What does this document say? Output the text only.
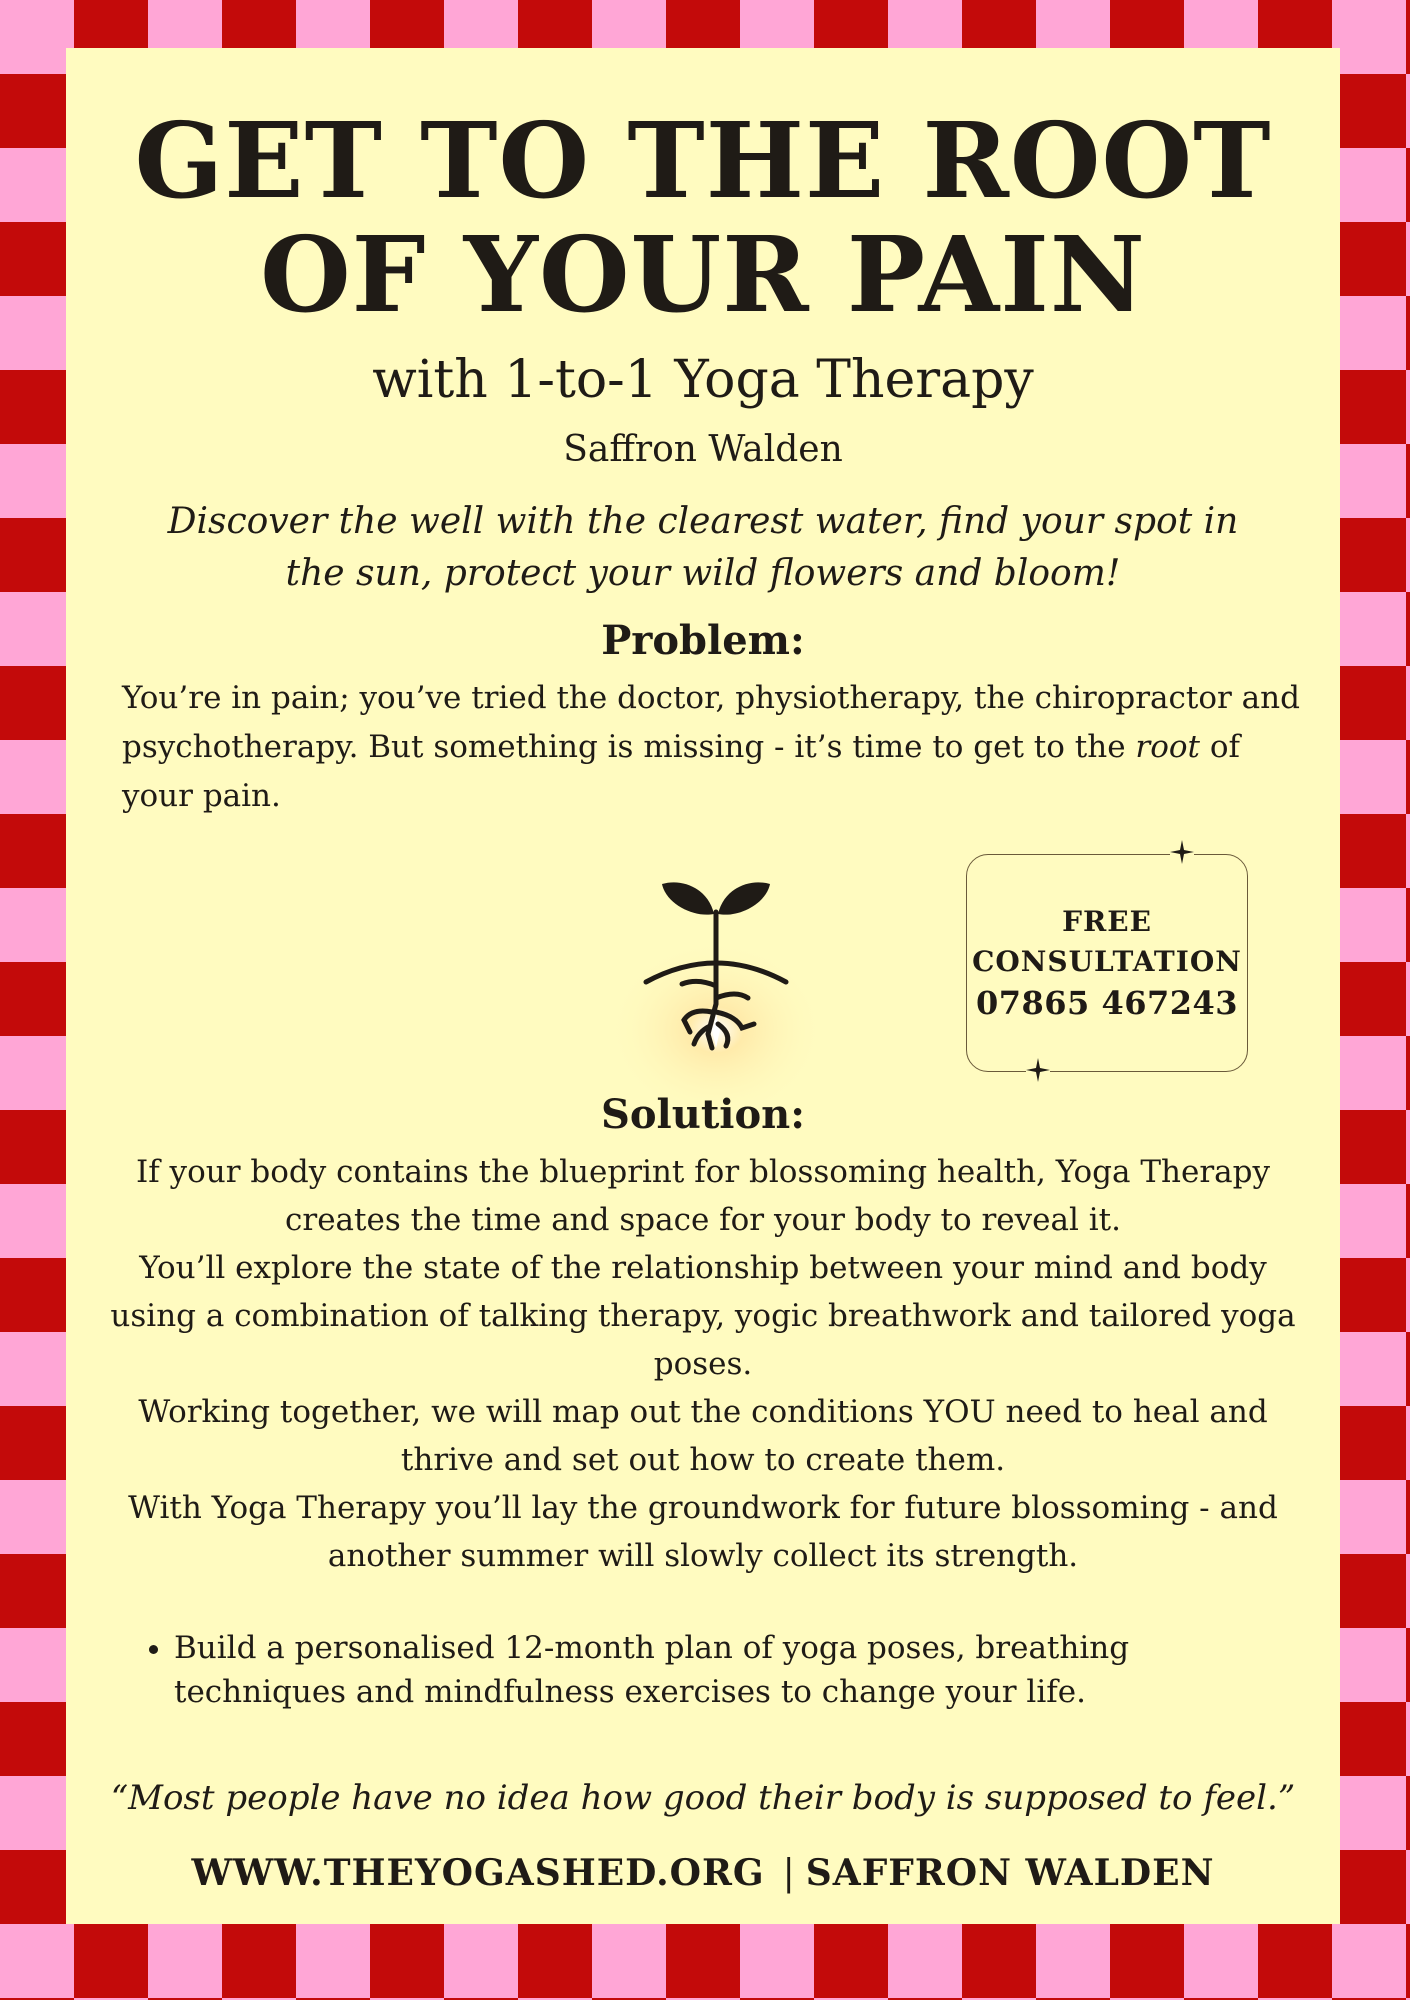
GET TO THE ROOT
OF YOUR PAIN
with 1-to-1 Yoga Therapy
Saffron Walden
Discover the well with the clearest water, find your spot in the sun, protect your wild flowers and bloom!
Problem:
You’re in pain; you’ve tried the doctor, physiotherapy, the chiropractor and psychotherapy. But something is missing - it’s time to get to the root of your pain.
FREE
CONSULTATION
07865 467243
Solution:

If your body contains the blueprint for blossoming health, Yoga Therapy creates the time and space for your body to reveal it.

You’ll explore the state of the relationship between your mind and body using a combination of talking therapy, yogic breathwork and tailored yoga poses.

Working together, we will map out the conditions YOU need to heal and thrive and set out how to create them.

With Yoga Therapy you’ll lay the groundwork for future blossoming - and another summer will slowly collect its strength.

• Build a personalised 12-month plan of yoga poses, breathing techniques and mindfulness exercises to change your life.
“Most people have no idea how good their body is supposed to feel.”
WWW.THEYOGASHED.ORG | SAFFRON WALDEN
